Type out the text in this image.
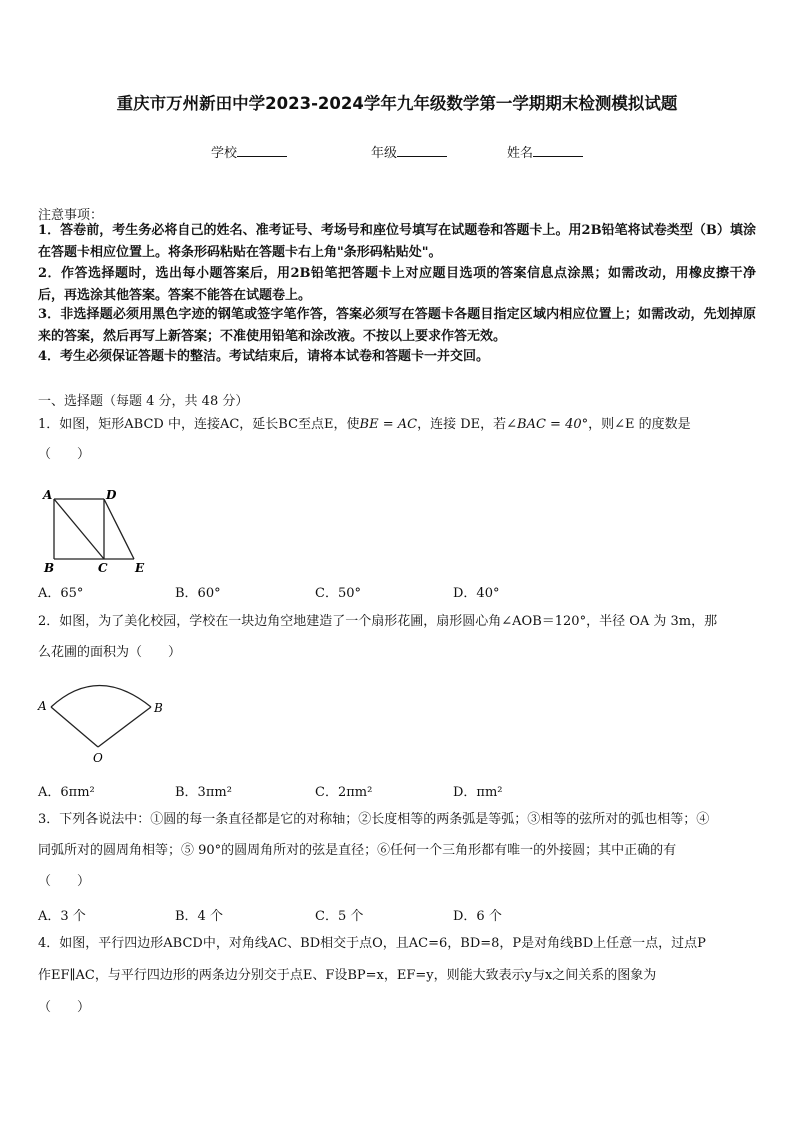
重庆市万州新田中学2023-2024学年九年级数学第一学期期末检测模拟试题
学校	年级	姓名
注意事项：
1．答卷前，考生务必将自己的姓名、准考证号、考场号和座位号填写在试题卷和答题卡上。用2B铅笔将试卷类型（B）填涂在答题卡相应位置上。将条形码粘贴在答题卡右上角"条形码粘贴处"。
2．作答选择题时，选出每小题答案后，用2B铅笔把答题卡上对应题目选项的答案信息点涂黑；如需改动，用橡皮擦干净后，再选涂其他答案。答案不能答在试题卷上。
3．非选择题必须用黑色字迹的钢笔或签字笔作答，答案必须写在答题卡各题目指定区域内相应位置上；如需改动，先划掉原来的答案，然后再写上新答案；不准使用铅笔和涂改液。不按以上要求作答无效。
4．考生必须保证答题卡的整洁。考试结束后，请将本试卷和答题卡一并交回。
一、选择题（每题 4 分，共 48 分）
1．如图，矩形ABCD 中，连接AC，延长BC至点E，使BE = AC，连接 DE，若∠BAC = 40°，则∠E 的度数是
（　　）
A	D
B	C E
A．65°	B．60°	C．50°	D．40°
2．如图，为了美化校园，学校在一块边角空地建造了一个扇形花圃，扇形圆心角∠AOB＝120°，半径 OA 为 3m，那
么花圃的面积为（　　）
A	B
O
A．6πm²	B．3πm²	C．2πm²	D．πm²
3．下列各说法中：①圆的每一条直径都是它的对称轴；②长度相等的两条弧是等弧；③相等的弦所对的弧也相等；④
同弧所对的圆周角相等；⑤ 90°的圆周角所对的弦是直径；⑥任何一个三角形都有唯一的外接圆；其中正确的有
（　　）
A．3 个	B．4 个	C．5 个	D．6 个
4．如图，平行四边形ABCD中，对角线AC、BD相交于点O，且AC=6，BD=8，P是对角线BD上任意一点，过点P
作EF∥AC，与平行四边形的两条边分别交于点E、F设BP=x，EF=y，则能大致表示y与x之间关系的图象为
（　　）
